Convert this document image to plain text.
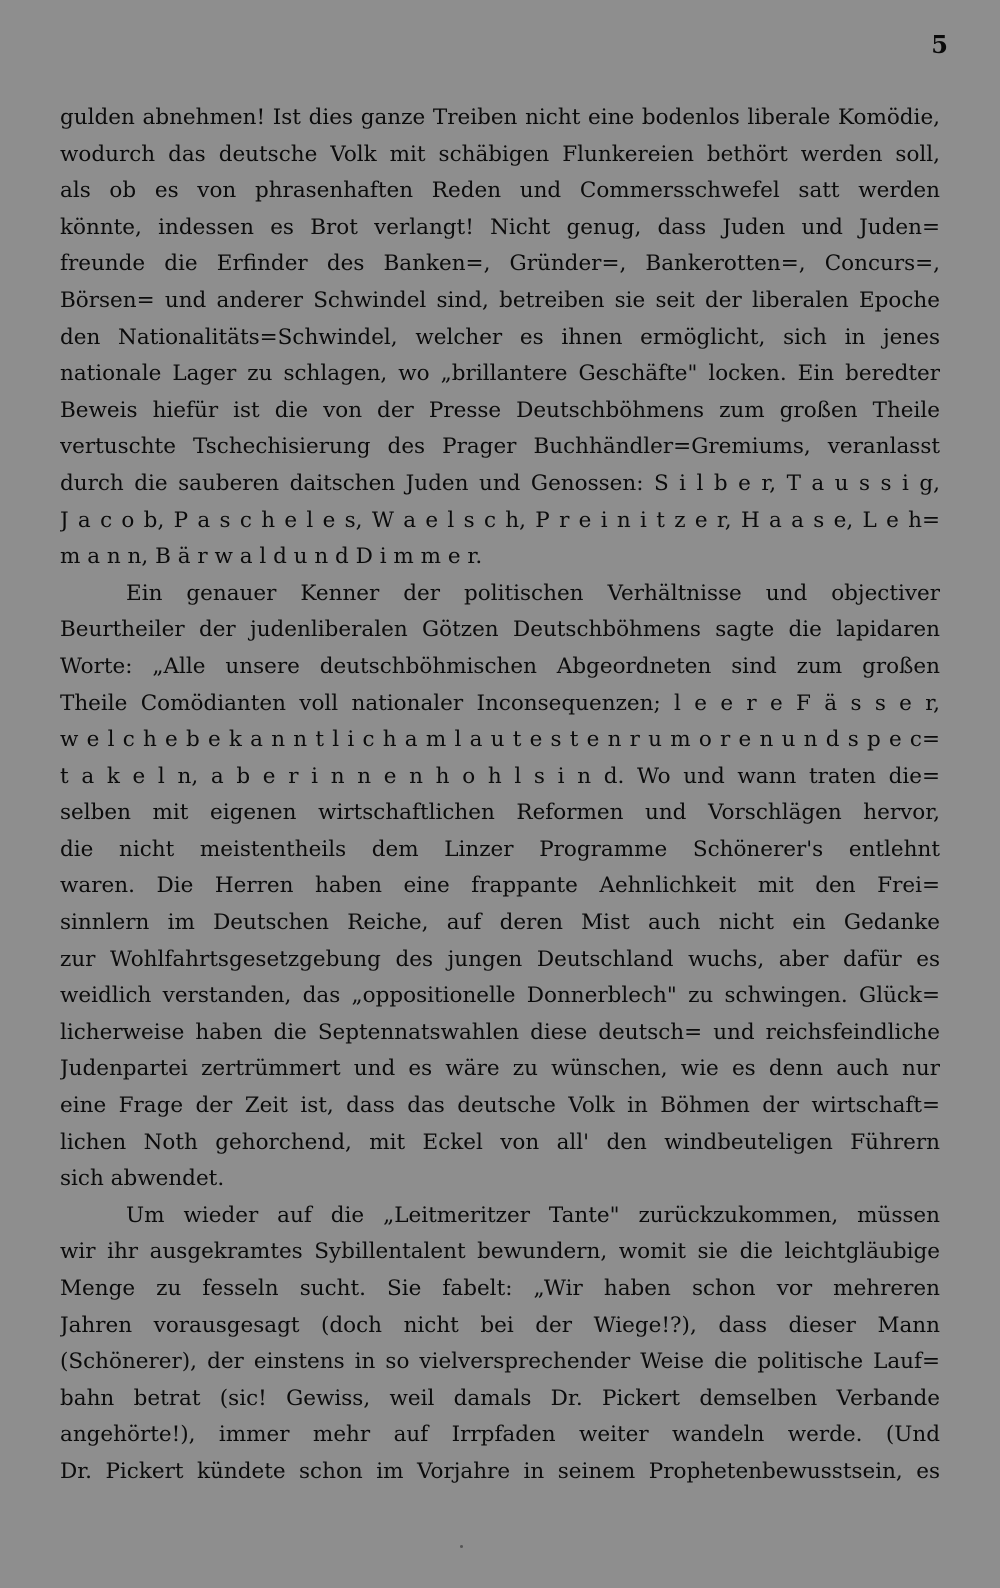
5
gulden abnehmen! Ist dies ganze Treiben nicht eine bodenlos liberale Komödie,
wodurch das deutsche Volk mit schäbigen Flunkereien bethört werden soll,
als ob es von phrasenhaften Reden und Commersschwefel satt werden
könnte, indessen es Brot verlangt! Nicht genug, dass Juden und Juden=
freunde die Erfinder des Banken=, Gründer=, Bankerotten=, Concurs=,
Börsen= und anderer Schwindel sind, betreiben sie seit der liberalen Epoche
den Nationalitäts=Schwindel, welcher es ihnen ermöglicht, sich in jenes
nationale Lager zu schlagen, wo „brillantere Geschäfte" locken. Ein beredter
Beweis hiefür ist die von der Presse Deutschböhmens zum großen Theile
vertuschte Tschechisierung des Prager Buchhändler=Gremiums, veranlasst
durch die sauberen daitschen Juden und Genossen: S i l b e r, T a u s s i g,
J a c o b, P a s c h e l e s, W a e l s c h, P r e i n i t z e r, H a a s e, L e h=
m a n n, B ä r w a l d u n d D i m m e r.
Ein genauer Kenner der politischen Verhältnisse und objectiver
Beurtheiler der judenliberalen Götzen Deutschböhmens sagte die lapidaren
Worte: „Alle unsere deutschböhmischen Abgeordneten sind zum großen
Theile Comödianten voll nationaler Inconsequenzen; l e e r e F ä s s e r,
w e l c h e b e k a n n t l i c h a m l a u t e s t e n r u m o r e n u n d s p e c=
t a k e l n, a b e r i n n e n h o h l s i n d. Wo und wann traten die=
selben mit eigenen wirtschaftlichen Reformen und Vorschlägen hervor,
die nicht meistentheils dem Linzer Programme Schönerer's entlehnt
waren. Die Herren haben eine frappante Aehnlichkeit mit den Frei=
sinnlern im Deutschen Reiche, auf deren Mist auch nicht ein Gedanke
zur Wohlfahrtsgesetzgebung des jungen Deutschland wuchs, aber dafür es
weidlich verstanden, das „oppositionelle Donnerblech" zu schwingen. Glück=
licherweise haben die Septennatswahlen diese deutsch= und reichsfeindliche
Judenpartei zertrümmert und es wäre zu wünschen, wie es denn auch nur
eine Frage der Zeit ist, dass das deutsche Volk in Böhmen der wirtschaft=
lichen Noth gehorchend, mit Eckel von all' den windbeuteligen Führern
sich abwendet.
Um wieder auf die „Leitmeritzer Tante" zurückzukommen, müssen
wir ihr ausgekramtes Sybillentalent bewundern, womit sie die leichtgläubige
Menge zu fesseln sucht. Sie fabelt: „Wir haben schon vor mehreren
Jahren vorausgesagt (doch nicht bei der Wiege!?), dass dieser Mann
(Schönerer), der einstens in so vielversprechender Weise die politische Lauf=
bahn betrat (sic! Gewiss, weil damals Dr. Pickert demselben Verbande
angehörte!), immer mehr auf Irrpfaden weiter wandeln werde. (Und
Dr. Pickert kündete schon im Vorjahre in seinem Prophetenbewusstsein, es
